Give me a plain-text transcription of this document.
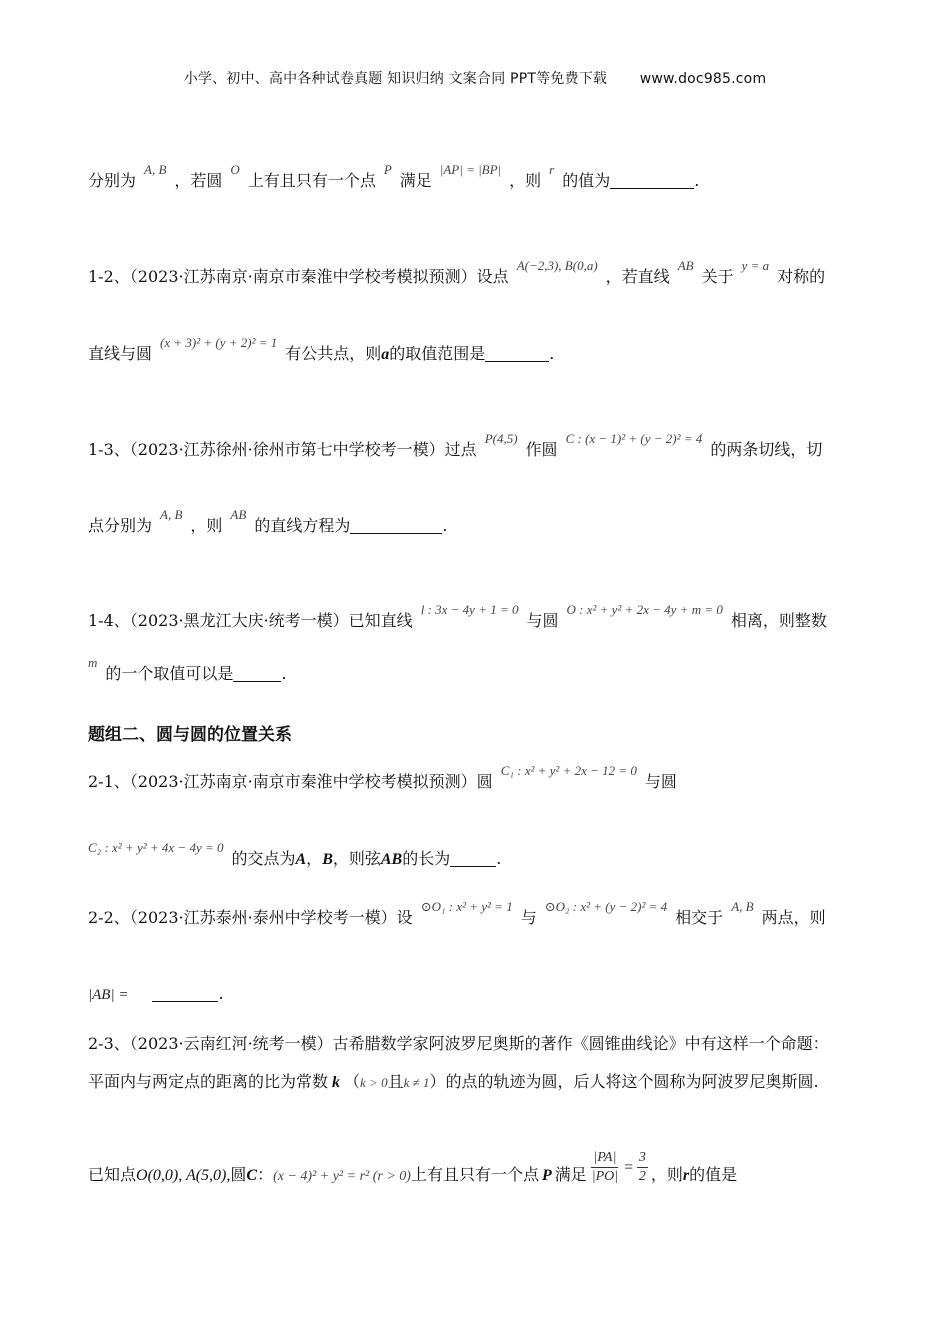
小学、初中、高中各种试卷真题 知识归纳 文案合同 PPT等免费下载 www.doc985.com
分别为$^{A, B}$，若圆$^O$上有且只有一个点$^P$满足$^{|AP| = |BP|}$，则$^r$的值为	.
1-2、（2023·江苏南京·南京市秦淮中学校考模拟预测）设点$^{A(-2,3), B(0,a)}$，若直线$^{AB}$关于$^{y = a}$对称的
直线与圆$^{(x + 3)^2 + (y + 2)^2 = 1}$有公共点，则a的取值范围是	.
1-3、（2023·江苏徐州·徐州市第七中学校考一模）过点$^{P(4,5)}$作圆$^{C : (x - 1)^2 + (y - 2)^2 = 4}$的两条切线，切
点分别为$^{A, B}$，则$^{AB}$的直线方程为	.
1-4、（2023·黑龙江大庆·统考一模）已知直线$^{l : 3x - 4y + 1 = 0}$与圆$^{O : x^2 + y^2 + 2x - 4y + m = 0}$相离，则整数
$^m$的一个取值可以是	.
题组二、圆与圆的位置关系
2-1、（2023·江苏南京·南京市秦淮中学校考模拟预测）圆$^{C_1 : x^2 + y^2 + 2x - 12 = 0}$与圆
$^{C_2 : x^2 + y^2 + 4x - 4y = 0}$的交点为A，B，则弦AB的长为	.
2-2、（2023·江苏泰州·泰州中学校考一模）设$^{⊙O_1 : x^2 + y^2 = 1}$与$^{⊙O_2 : x^2 + (y - 2)^2 = 4}$相交于$^{A, B}$两点，则
|AB| =	.
2-3、（2023·云南红河·统考一模）古希腊数学家阿波罗尼奥斯的著作《圆锥曲线论》中有这样一个命题：
平面内与两定点的距离的比为常数 k （k > 0且k ≠ 1）的点的轨迹为圆，后人将这个圆称为阿波罗尼奥斯圆.
已知点O(0,0), A(5,0),圆C：(x − 4)² + y² = r² (r > 0)上有且只有一个点 P 满足 $\frac{|PA|}{|PO|} = \frac{3}{2}$ ，则r的值是
